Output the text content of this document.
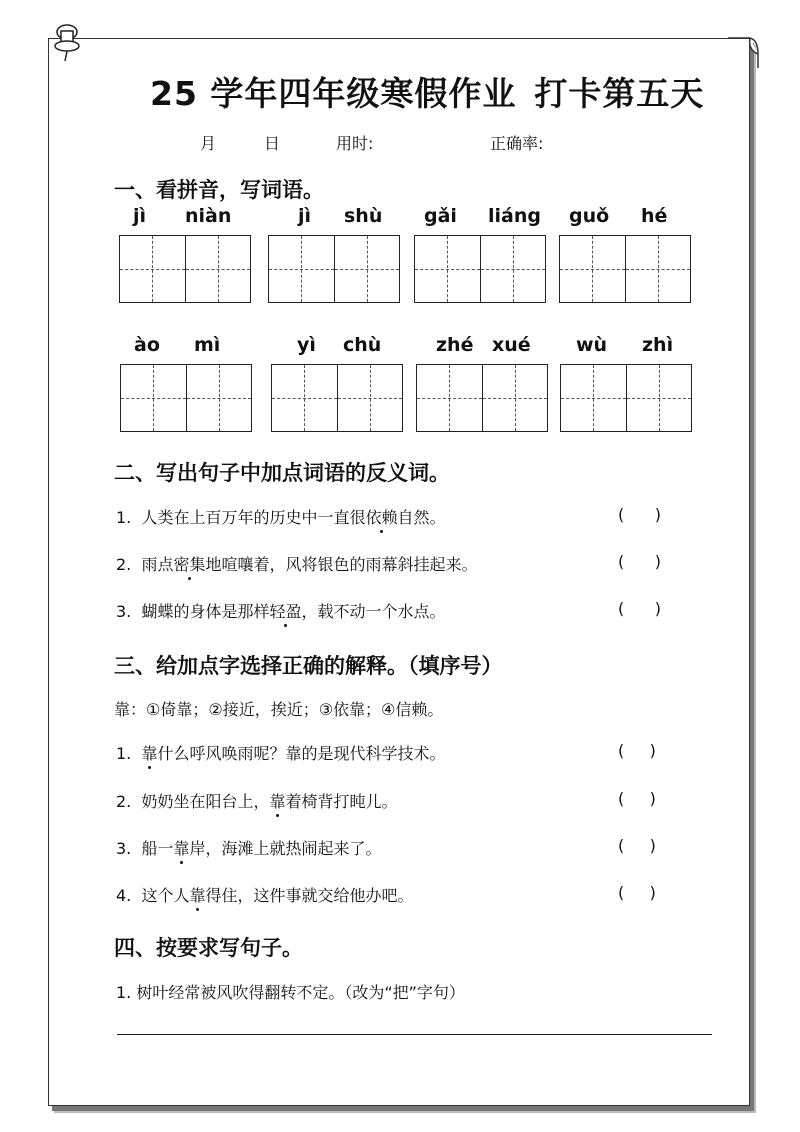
25 学年四年级寒假作业 打卡第五天
月	日	用时:	正确率:
一、看拼音，写词语。
jì niàn	jì shù gǎi liáng guǒ hé
ào mì	yì chù	zhé xué wù zhì
二、写出句子中加点词语的反义词。
1. 人类在上百万年的历史中一直很依赖自然。	(      )
2. 雨点密集地喧嚷着，风将银色的雨幕斜挂起来。	(      )
3. 蝴蝶的身体是那样轻盈，载不动一个水点。	(      )
三、给加点字选择正确的解释。（填序号）
靠：①倚靠；②接近，挨近；③依靠；④信赖。
1. 靠什么呼风唤雨呢？靠的是现代科学技术。	(     )
2. 奶奶坐在阳台上，靠着椅背打盹儿。	(     )
3. 船一靠岸，海滩上就热闹起来了。	(     )
4. 这个人靠得住，这件事就交给他办吧。	(     )
四、按要求写句子。
1. 树叶经常被风吹得翻转不定。（改为“把”字句）
